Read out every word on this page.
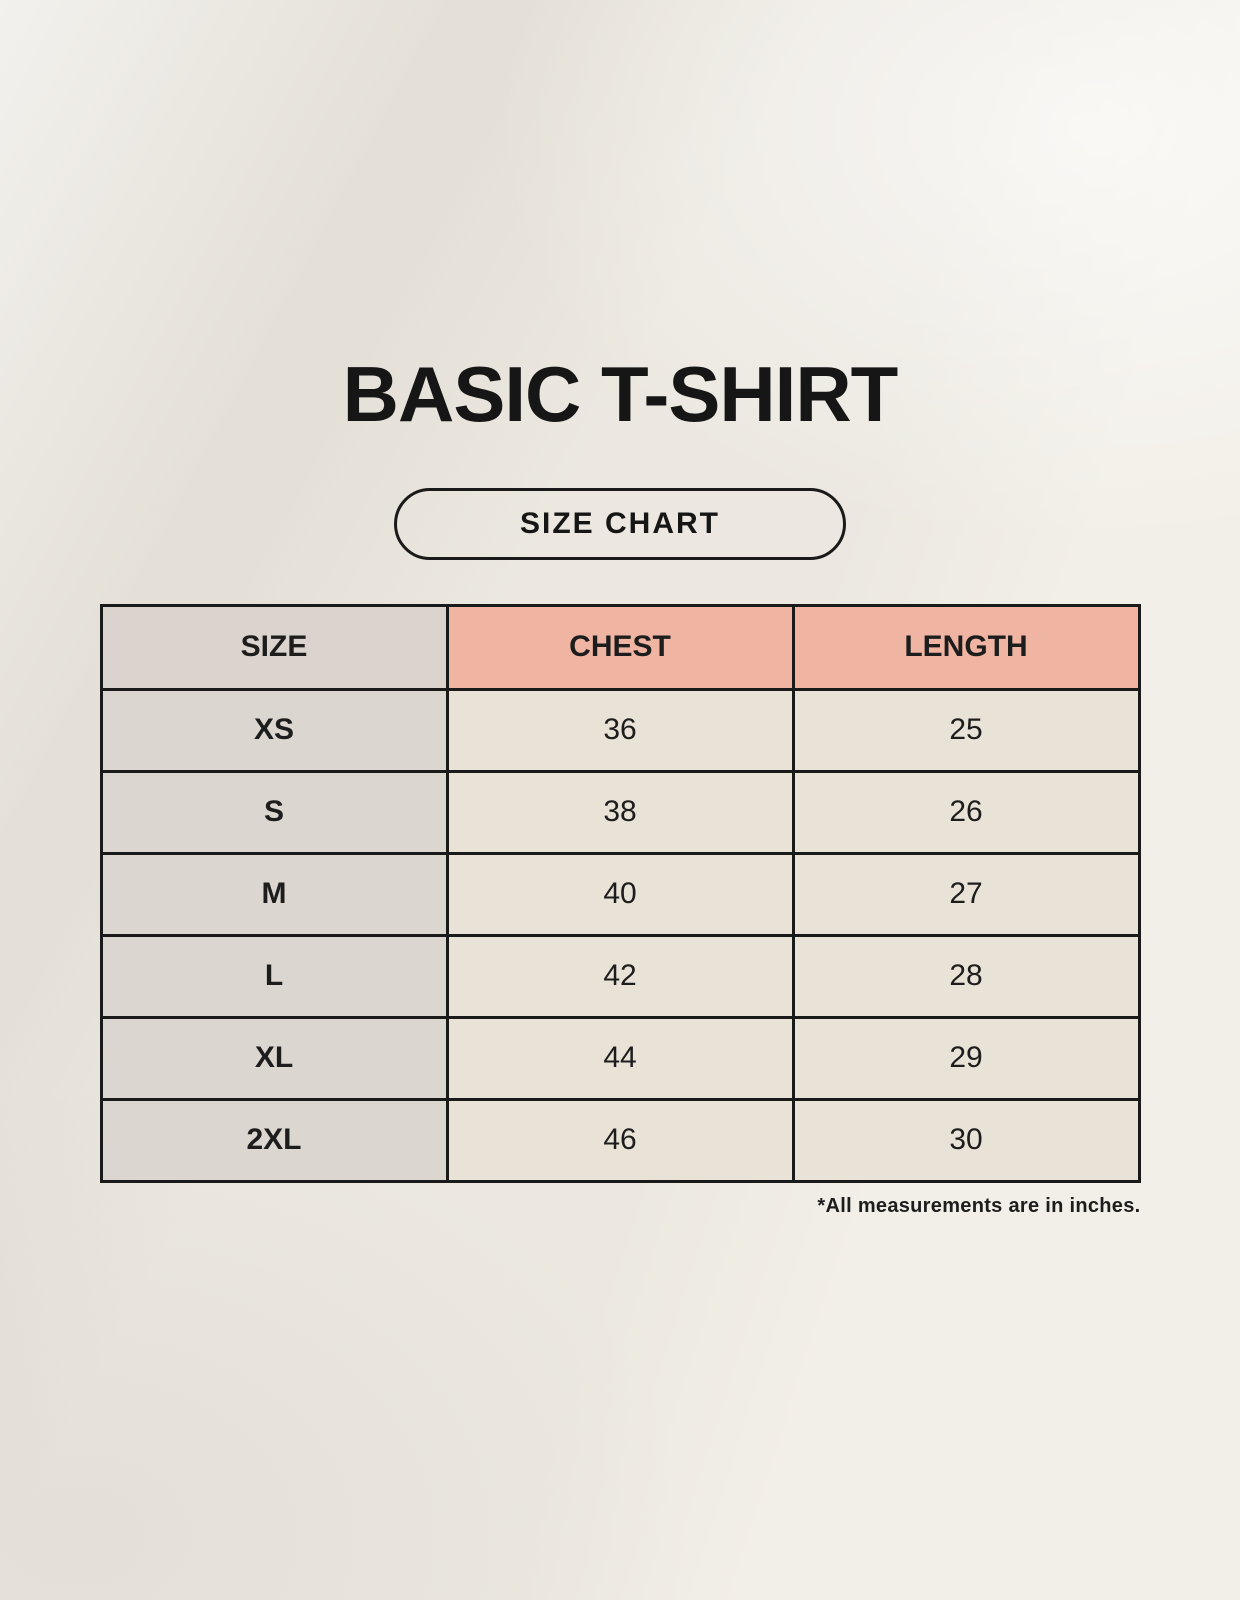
BASIC T-SHIRT
SIZE CHART
SIZE	CHEST	LENGTH
XS	36	25
S	38	26
M	40	27
L	42	28
XL	44	29
2XL	46	30
*All measurements are in inches.
